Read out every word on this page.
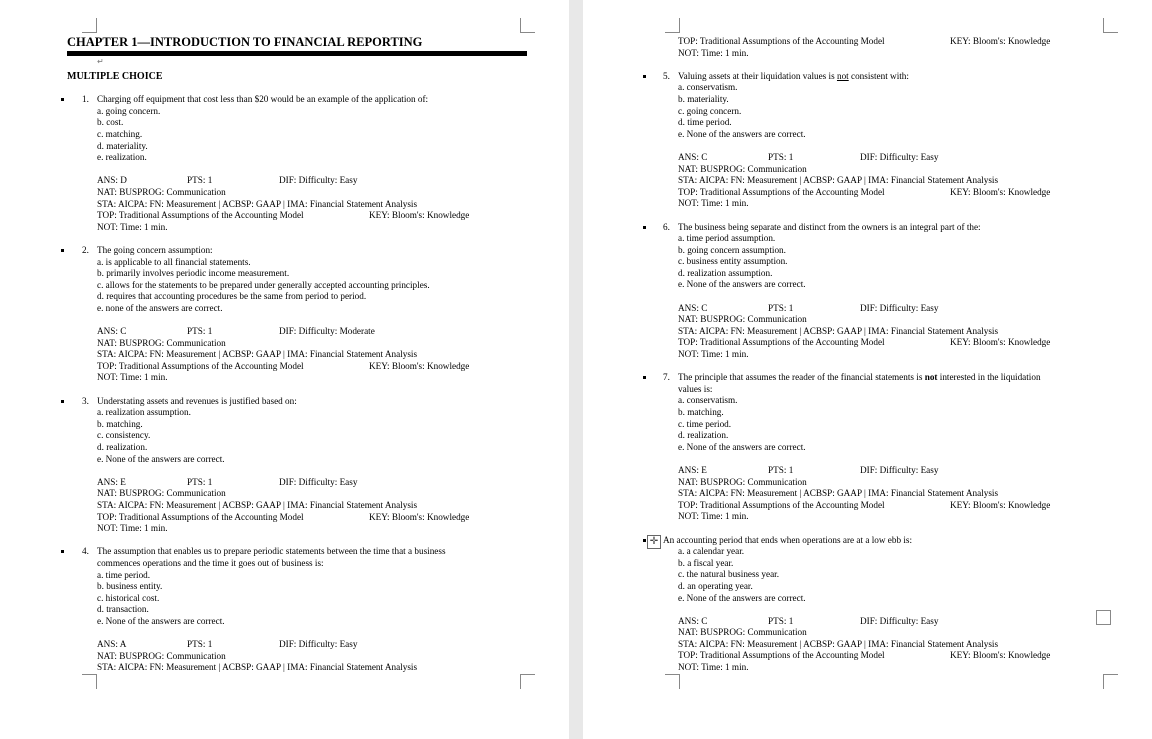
CHAPTER 1—INTRODUCTION TO FINANCIAL REPORTING
↵
MULTIPLE CHOICE
1. Charging off equipment that cost less than $20 would be an example of the application of:
a. going concern.
b. cost.
c. matching.
d. materiality.
e. realization.
ANS: D	PTS: 1	DIF: Difficulty: Easy
NAT: BUSPROG: Communication
STA: AICPA: FN: Measurement | ACBSP: GAAP | IMA: Financial Statement Analysis
TOP: Traditional Assumptions of the Accounting Model	KEY: Bloom's: Knowledge
NOT: Time: 1 min.
2. The going concern assumption:
a. is applicable to all financial statements.
b. primarily involves periodic income measurement.
c. allows for the statements to be prepared under generally accepted accounting principles.
d. requires that accounting procedures be the same from period to period.
e. none of the answers are correct.
ANS: C	PTS: 1	DIF: Difficulty: Moderate
NAT: BUSPROG: Communication
STA: AICPA: FN: Measurement | ACBSP: GAAP | IMA: Financial Statement Analysis
TOP: Traditional Assumptions of the Accounting Model	KEY: Bloom's: Knowledge
NOT: Time: 1 min.
3. Understating assets and revenues is justified based on:
a. realization assumption.
b. matching.
c. consistency.
d. realization.
e. None of the answers are correct.
ANS: E	PTS: 1	DIF: Difficulty: Easy
NAT: BUSPROG: Communication
STA: AICPA: FN: Measurement | ACBSP: GAAP | IMA: Financial Statement Analysis
TOP: Traditional Assumptions of the Accounting Model	KEY: Bloom's: Knowledge
NOT: Time: 1 min.
4. The assumption that enables us to prepare periodic statements between the time that a business
commences operations and the time it goes out of business is:
a. time period.
b. business entity.
c. historical cost.
d. transaction.
e. None of the answers are correct.
ANS: A	PTS: 1	DIF: Difficulty: Easy
NAT: BUSPROG: Communication
STA: AICPA: FN: Measurement | ACBSP: GAAP | IMA: Financial Statement Analysis
TOP: Traditional Assumptions of the Accounting Model	KEY: Bloom's: Knowledge
NOT: Time: 1 min.
5. Valuing assets at their liquidation values is not consistent with:
a. conservatism.
b. materiality.
c. going concern.
d. time period.
e. None of the answers are correct.
ANS: C	PTS: 1	DIF: Difficulty: Easy
NAT: BUSPROG: Communication
STA: AICPA: FN: Measurement | ACBSP: GAAP | IMA: Financial Statement Analysis
TOP: Traditional Assumptions of the Accounting Model	KEY: Bloom's: Knowledge
NOT: Time: 1 min.
6. The business being separate and distinct from the owners is an integral part of the:
a. time period assumption.
b. going concern assumption.
c. business entity assumption.
d. realization assumption.
e. None of the answers are correct.
ANS: C	PTS: 1	DIF: Difficulty: Easy
NAT: BUSPROG: Communication
STA: AICPA: FN: Measurement | ACBSP: GAAP | IMA: Financial Statement Analysis
TOP: Traditional Assumptions of the Accounting Model	KEY: Bloom's: Knowledge
NOT: Time: 1 min.
7. The principle that assumes the reader of the financial statements is not interested in the liquidation
values is:
a. conservatism.
b. matching.
c. time period.
d. realization.
e. None of the answers are correct.
ANS: E	PTS: 1	DIF: Difficulty: Easy
NAT: BUSPROG: Communication
STA: AICPA: FN: Measurement | ACBSP: GAAP | IMA: Financial Statement Analysis
TOP: Traditional Assumptions of the Accounting Model	KEY: Bloom's: Knowledge
NOT: Time: 1 min.
✛ An accounting period that ends when operations are at a low ebb is:
a. a calendar year.
b. a fiscal year.
c. the natural business year.
d. an operating year.
e. None of the answers are correct.
ANS: C	PTS: 1	DIF: Difficulty: Easy
NAT: BUSPROG: Communication
STA: AICPA: FN: Measurement | ACBSP: GAAP | IMA: Financial Statement Analysis
TOP: Traditional Assumptions of the Accounting Model	KEY: Bloom's: Knowledge
NOT: Time: 1 min.
